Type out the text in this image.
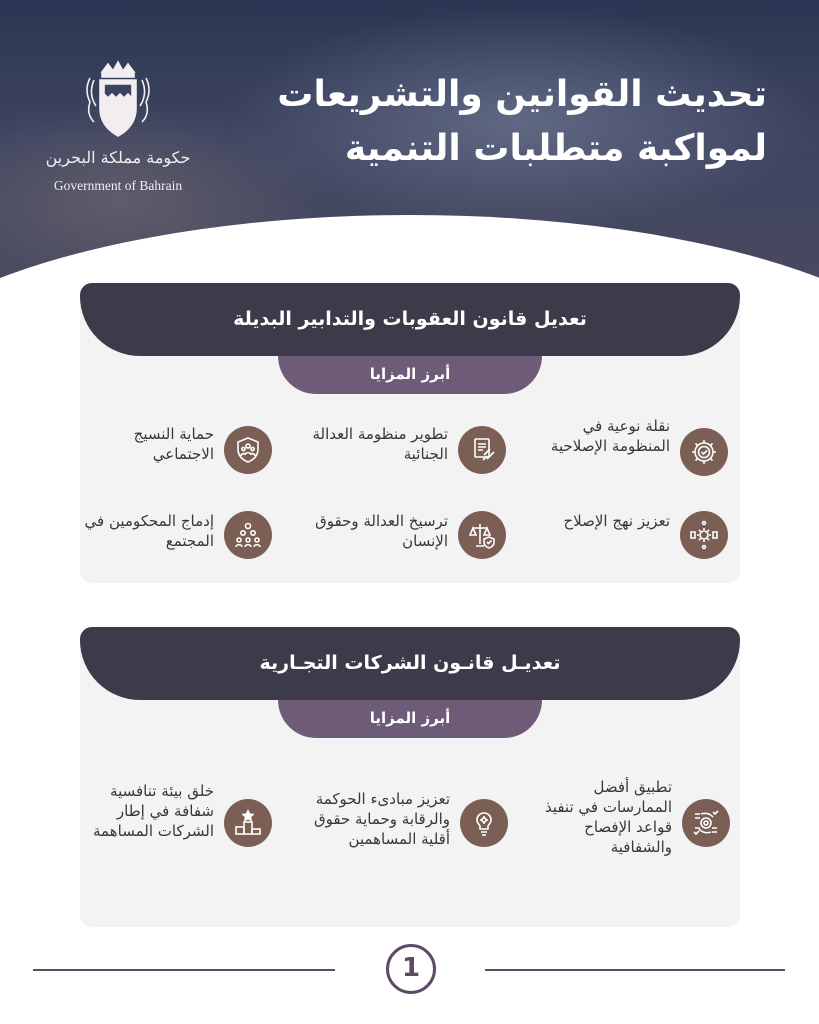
حكومة مملكة البحرين
Government of Bahrain
تحديث القوانين والتشريعات
لمواكبة متطلبات التنمية
تعديل قانون العقوبات والتدابير البديلة
أبرز المزايا
نقلة نوعية في المنظومة الإصلاحية
تطوير منظومة العدالة الجنائية
حماية النسيج الاجتماعي
تعزيز نهج الإصلاح
ترسيخ العدالة وحقوق الإنسان
إدماج المحكومين في المجتمع
تعديـل قانـون الشركات التجـارية
أبرز المزايا
تطبيق أفضل الممارسات في تنفيذ قواعد الإفصاح والشفافية
تعزيز مبادىء الحوكمة والرقابة وحماية حقوق أقلية المساهمين
خلق بيئة تنافسية شفافة في إطار الشركات المساهمة
1
